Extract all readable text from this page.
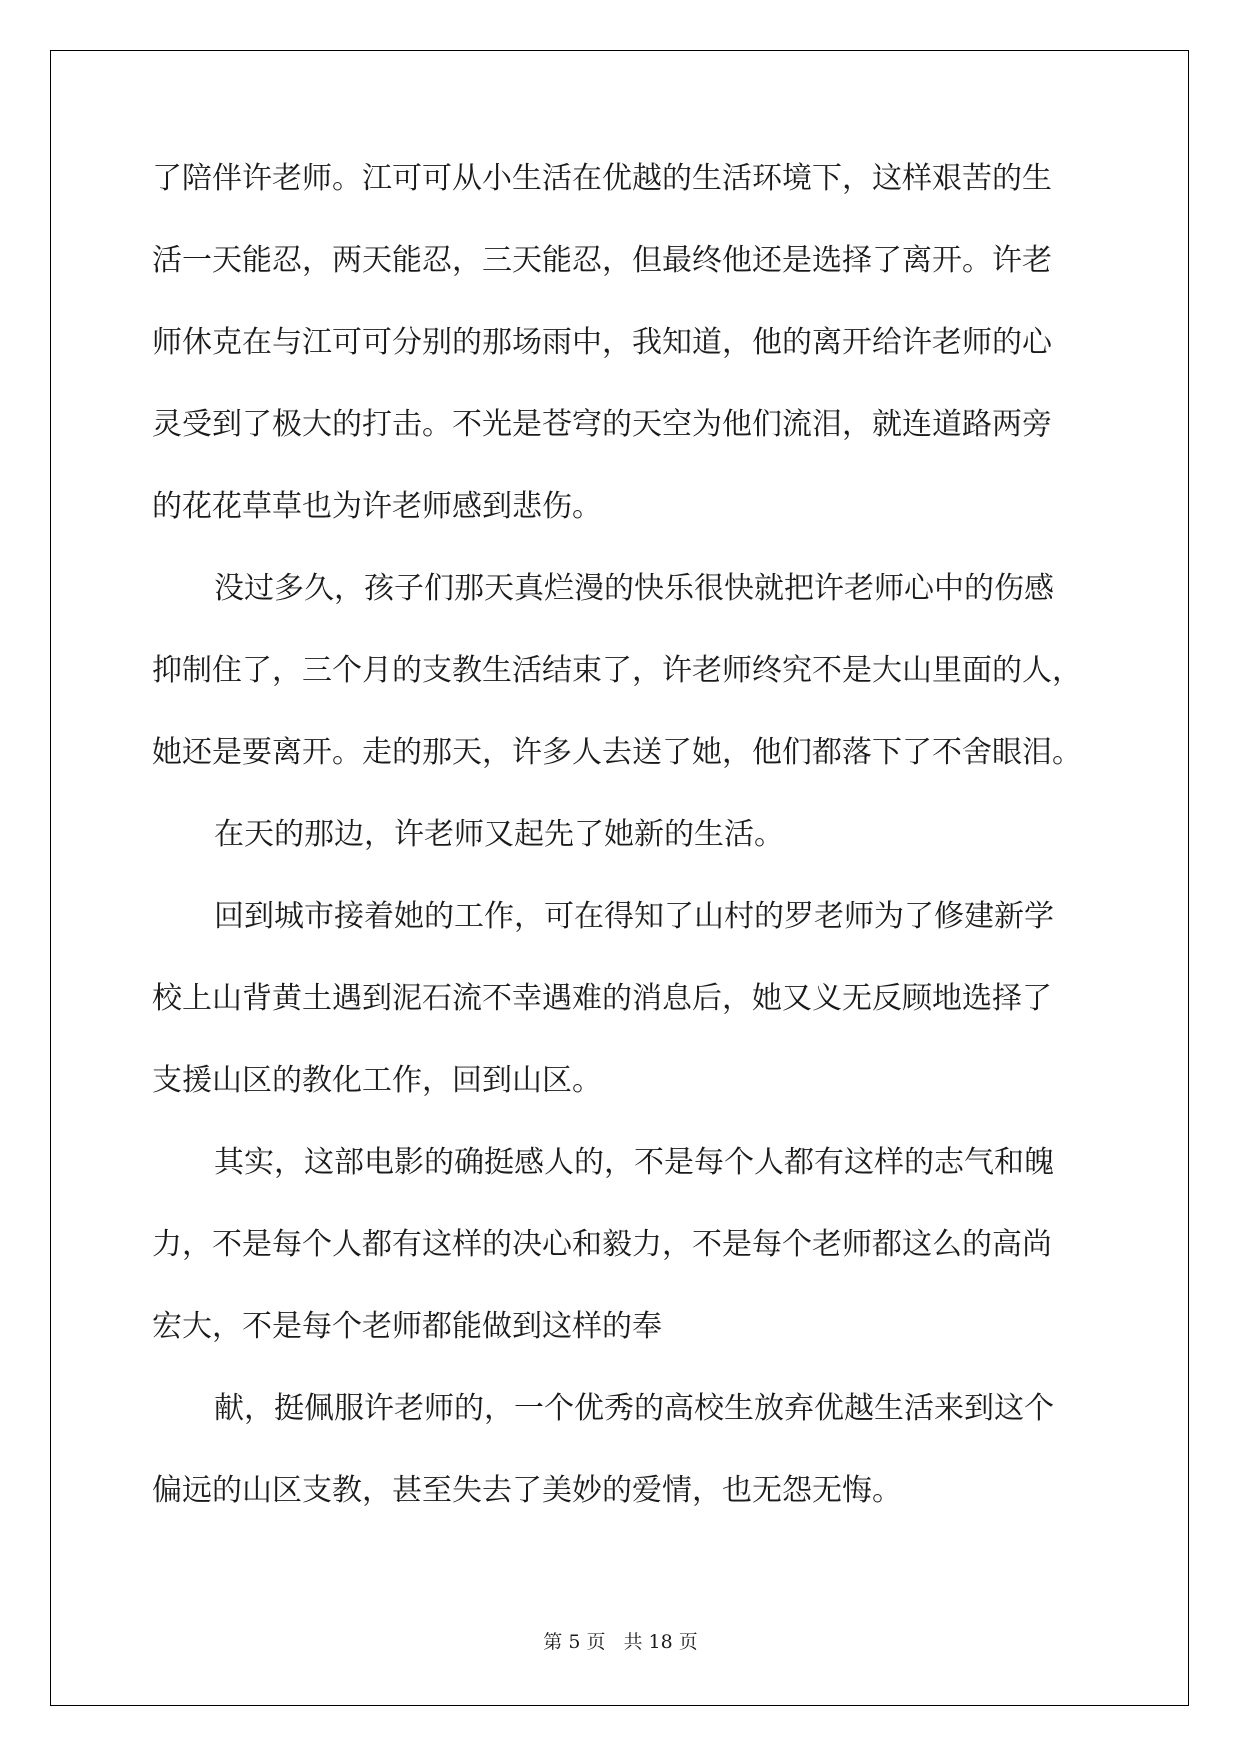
了陪伴许老师。江可可从小生活在优越的生活环境下，这样艰苦的生
活一天能忍，两天能忍，三天能忍，但最终他还是选择了离开。许老
师休克在与江可可分别的那场雨中，我知道，他的离开给许老师的心
灵受到了极大的打击。不光是苍穹的天空为他们流泪，就连道路两旁
的花花草草也为许老师感到悲伤。
没过多久，孩子们那天真烂漫的快乐很快就把许老师心中的伤感
抑制住了，三个月的支教生活结束了，许老师终究不是大山里面的人，
她还是要离开。走的那天，许多人去送了她，他们都落下了不舍眼泪。
在天的那边，许老师又起先了她新的生活。
回到城市接着她的工作，可在得知了山村的罗老师为了修建新学
校上山背黄土遇到泥石流不幸遇难的消息后，她又义无反顾地选择了
支援山区的教化工作，回到山区。
其实，这部电影的确挺感人的，不是每个人都有这样的志气和魄
力，不是每个人都有这样的决心和毅力，不是每个老师都这么的高尚
宏大，不是每个老师都能做到这样的奉
献，挺佩服许老师的，一个优秀的高校生放弃优越生活来到这个
偏远的山区支教，甚至失去了美妙的爱情，也无怨无悔。
第 5 页 共 18 页
